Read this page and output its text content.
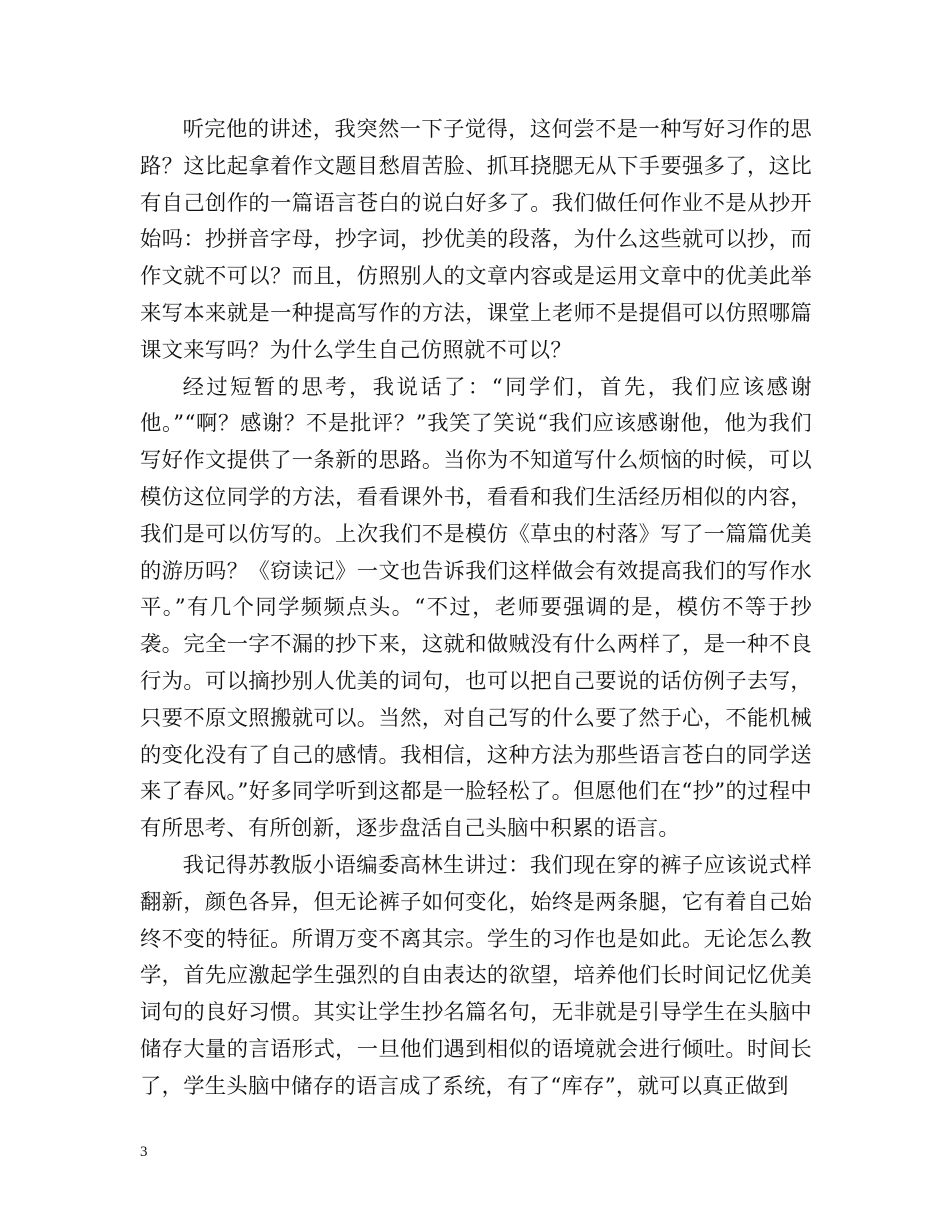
听完他的讲述，我突然一下子觉得，这何尝不是一种写好习作的思路？这比起拿着作文题目愁眉苦脸、抓耳挠腮无从下手要强多了，这比有自己创作的一篇语言苍白的说白好多了。我们做任何作业不是从抄开始吗：抄拼音字母，抄字词，抄优美的段落，为什么这些就可以抄，而作文就不可以？而且，仿照别人的文章内容或是运用文章中的优美此举来写本来就是一种提高写作的方法，课堂上老师不是提倡可以仿照哪篇课文来写吗？为什么学生自己仿照就不可以？

经过短暂的思考，我说话了：“同学们，首先，我们应该感谢他。”“啊？感谢？不是批评？”我笑了笑说“我们应该感谢他，他为我们写好作文提供了一条新的思路。当你为不知道写什么烦恼的时候，可以模仿这位同学的方法，看看课外书，看看和我们生活经历相似的内容，我们是可以仿写的。上次我们不是模仿《草虫的村落》写了一篇篇优美的游历吗？《窃读记》一文也告诉我们这样做会有效提高我们的写作水平。”有几个同学频频点头。“不过，老师要强调的是，模仿不等于抄袭。完全一字不漏的抄下来，这就和做贼没有什么两样了，是一种不良行为。可以摘抄别人优美的词句，也可以把自己要说的话仿例子去写，只要不原文照搬就可以。当然，对自己写的什么要了然于心，不能机械的变化没有了自己的感情。我相信，这种方法为那些语言苍白的同学送来了春风。”好多同学听到这都是一脸轻松了。但愿他们在“抄”的过程中有所思考、有所创新，逐步盘活自己头脑中积累的语言。

我记得苏教版小语编委高林生讲过：我们现在穿的裤子应该说式样翻新，颜色各异，但无论裤子如何变化，始终是两条腿，它有着自己始终不变的特征。所谓万变不离其宗。学生的习作也是如此。无论怎么教学，首先应激起学生强烈的自由表达的欲望，培养他们长时间记忆优美词句的良好习惯。其实让学生抄名篇名句，无非就是引导学生在头脑中储存大量的言语形式，一旦他们遇到相似的语境就会进行倾吐。时间长了，学生头脑中储存的语言成了系统，有了“库存”，就可以真正做到

3
